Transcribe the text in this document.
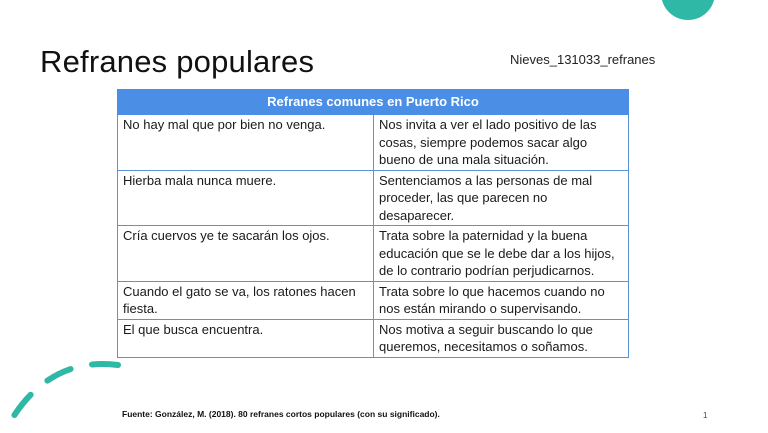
Refranes populares	Nieves_131033_refranes
Refranes comunes en Puerto Rico	
No hay mal que por bien no venga.	Nos invita a ver el lado positivo de las cosas, siempre podemos sacar algo bueno de una mala situación.
Hierba mala nunca muere.	Sentenciamos a las personas de mal proceder, las que parecen no desaparecer.
Cría cuervos ye te sacarán los ojos.	Trata sobre la paternidad y la buena educación que se le debe dar a los hijos, de lo contrario podrían perjudicarnos.
Cuando el gato se va, los ratones hacen fiesta.	Trata sobre lo que hacemos cuando no nos están mirando o supervisando.
El que busca encuentra.	Nos motiva a seguir buscando lo que queremos, necesitamos o soñamos.
Fuente: González, M. (2018). 80 refranes cortos populares (con su significado).	1
